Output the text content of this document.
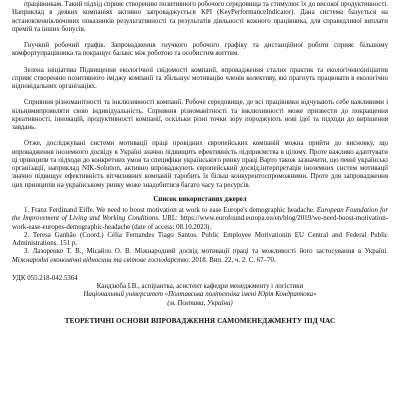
працівникам. Такий підхід сприяє створенню позитивного робочого середовища та стимулює їх до високої продуктивності. Наприклад в деяких компаніях активно запроваджується KPI (KeyPerformanceIndicator). Дана система базується на встановленніключових показників результативності та результатів діяльності кожного працівника, для справедливої виплати премій та інших бонусів.

Гнучкий робочий графік. Запровадження гнучкого робочого графіку та дистанційної роботи сприяє більшому комфортупрацівника та покращує баланс між роботою та особистим життям.

Зелена ініціатива Підвищення екологічної свідомості компанії, впровадження сталих практик та екологічнихініціатив сприяє створенню позитивного іміджу компанії та збільшує мотивацію членів колективу, які прагнуть працювати в екологічно відповідальних організаціях.

Сприяння різноманітності та інклюзивності компанії. Робоче середовище, де всі працівники відчувають себе важливими і вільнимипроявляти свою індивідуальність. Сприяння різноманітності та інклюзивності може призвести до покращення креативності, інновацій, продуктивності компанії, оскільки різні точки зору породжують нові ідеї та підходи до вирішення завдань.

Отже, досліджувані системи мотивації праці провідних європейських компаній можна прийти до висновку, що впровадження іноземного досвіду в Україні значно підвищить ефективність підприємства в цілому. Проте важливо адаптувати ці принципи та підходи до конкретних умов та специфіки українського ринку праці Варто також зазначити, що певні українські організації, наприклад NIK-Solution, активно впроваджують європейський досвід,інтерпретація іноземних систем мотивації значно підвищує ефективність вітчизняних компаній таробить їх більш конкурентоспроможними. Проте для запровадження цих принципів на українському ринку може знадобитися багато часу та ресурсів.

Список використаних джерел

1. Franz Ferdinand Eiffe. We need to boost motivation at work to ease Europe's demographic headache. European Foundation for the Improvement of Living and Working Conditions. URL: https://www.eurofound.europa.eu/en/blog/2019/we-need-boost-motivation-work-ease-europes-demographic-headache (date of access: 08.10.2023).

2. Teresa Ganhão (Coord.) Célia Fernandes Tiago Santos. Public Employee Motivationin EU Central and Federal Public Administrations. 151 p.

3. Лазоренко Т. В., Місайло О. В. Міжнародний досвід мотивації праці та можливості його застосування в Україні. Міжнародні економічні відносини та світове господарство. 2018. Вип. 22, ч. 2. С. 67–70.

УДК 055.218-042.5364

Кандзюба І.В., аспірантка, асистент кафедри менеджменту і логістики
Національний університет «Полтавська політехніка імені Юрія Кондратюка»
(м. Полтава, Україна)
ТЕОРЕТИЧНІ ОСНОВИ ВПРОВАДЖЕННЯ САМОМЕНЕДЖМЕНТУ ПІД ЧАС
